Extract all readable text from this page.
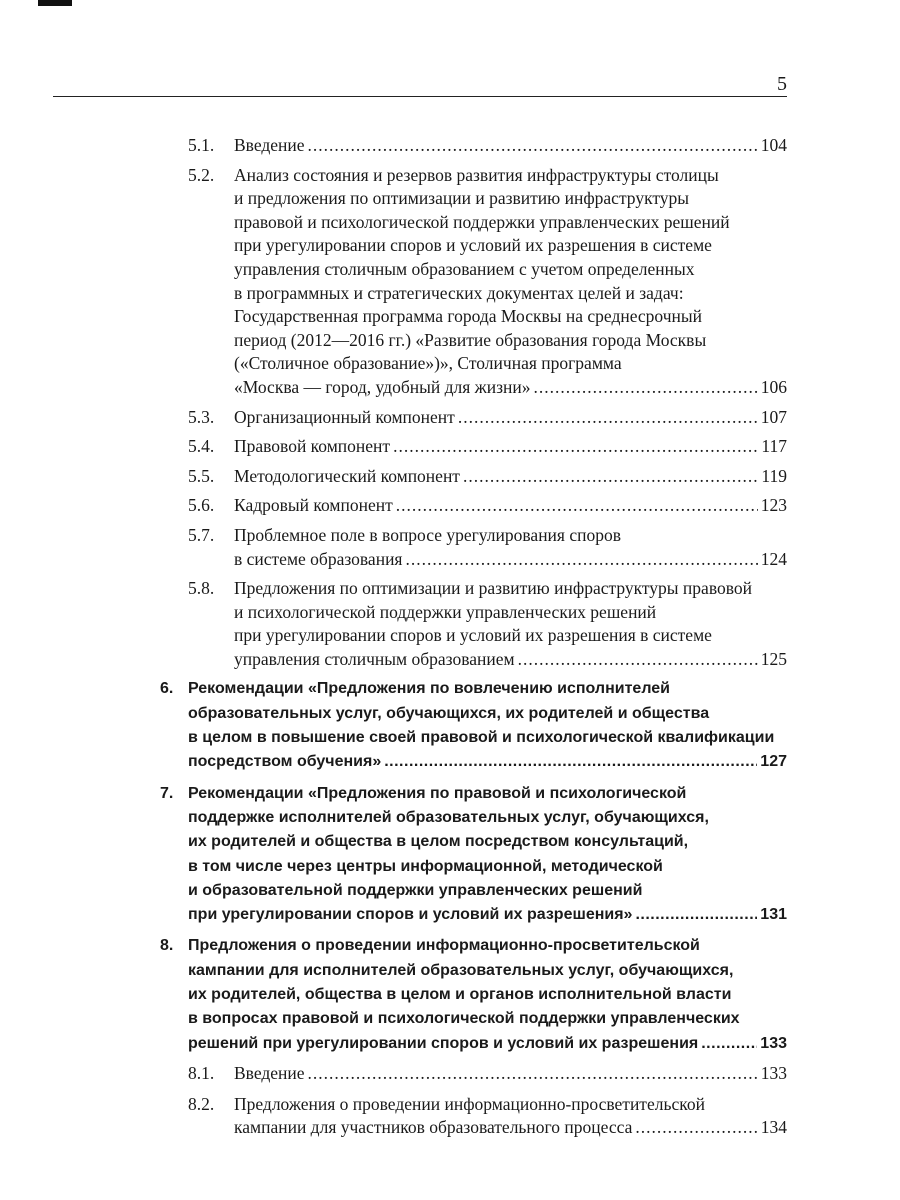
5
5.1.	Введение .....	104
5.2.	Анализ состояния и резервов развития инфраструктуры столицы
и предложения по оптимизации и развитию инфраструктуры
правовой и психологической поддержки управленческих решений
при урегулировании споров и условий их разрешения в системе
управления столичным образованием с учетом определенных
в программных и стратегических документах целей и задач:
Государственная программа города Москвы на среднесрочный
период (2012—2016 гг.) «Развитие образования города Москвы
(«Столичное образование»)», Столичная программа
«Москва — город, удобный для жизни» .....	106
5.3.	Организационный компонент .....	107
5.4.	Правовой компонент .....	117
5.5.	Методологический компонент .....	119
5.6.	Кадровый компонент .....	123
5.7.	Проблемное поле в вопросе урегулирования споров
в системе образования .....	124
5.8.	Предложения по оптимизации и развитию инфраструктуры правовой
и психологической поддержки управленческих решений
при урегулировании споров и условий их разрешения в системе
управления столичным образованием .....	125
6. Рекомендации «Предложения по вовлечению исполнителей
образовательных услуг, обучающихся, их родителей и общества
в целом в повышение своей правовой и психологической квалификации
посредством обучения» .....	127
7. Рекомендации «Предложения по правовой и психологической
поддержке исполнителей образовательных услуг, обучающихся,
их родителей и общества в целом посредством консультаций,
в том числе через центры информационной, методической
и образовательной поддержки управленческих решений
при урегулировании споров и условий их разрешения» .....	131
8. Предложения о проведении информационно-просветительской
кампании для исполнителей образовательных услуг, обучающихся,
их родителей, общества в целом и органов исполнительной власти
в вопросах правовой и психологической поддержки управленческих
решений при урегулировании споров и условий их разрешения .....	133
8.1.	Введение .....	133
8.2.	Предложения о проведении информационно-просветительской
кампании для участников образовательного процесса .....	134
